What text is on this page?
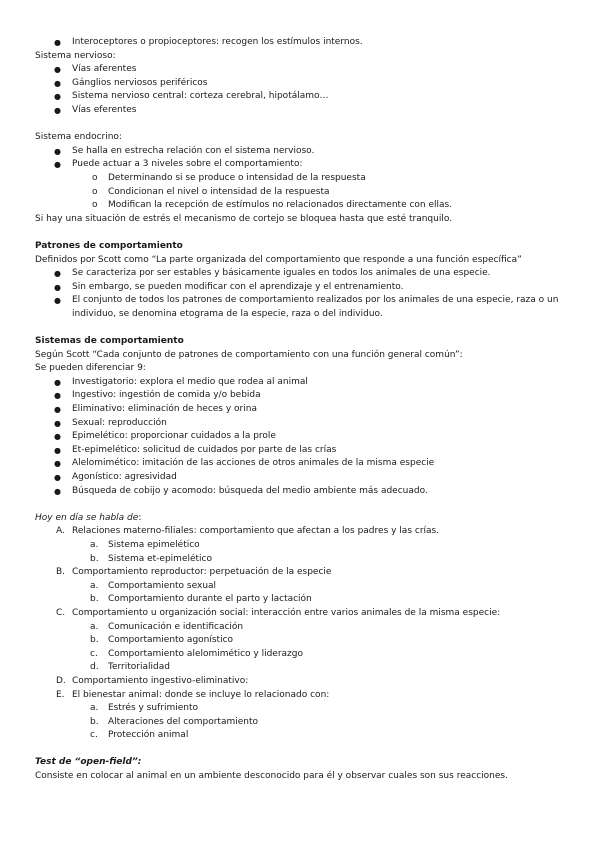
● Interoceptores o propioceptores: recogen los estímulos internos.
Sistema nervioso:
● Vías aferentes
● Gánglios nerviosos periféricos
● Sistema nervioso central: corteza cerebral, hipotálamo…
● Vías eferentes
Sistema endocrino:
● Se halla en estrecha relación con el sistema nervioso.
● Puede actuar a 3 niveles sobre el comportamiento:
o Determinando si se produce o intensidad de la respuesta
o Condicionan el nivel o intensidad de la respuesta
o Modifican la recepción de estímulos no relacionados directamente con ellas.
Si hay una situación de estrés el mecanismo de cortejo se bloquea hasta que esté tranquilo.
Patrones de comportamiento
Definidos por Scott como “La parte organizada del comportamiento que responde a una función específica”
● Se caracteriza por ser estables y básicamente iguales en todos los animales de una especie.
● Sin embargo, se pueden modificar con el aprendizaje y el entrenamiento.
● El conjunto de todos los patrones de comportamiento realizados por los animales de una especie, raza o un individuo, se denomina etograma de la especie, raza o del individuo.
Sistemas de comportamiento
Según Scott “Cada conjunto de patrones de comportamiento con una función general común”:
Se pueden diferenciar 9:
● Investigatorio: explora el medio que rodea al animal
● Ingestivo: ingestión de comida y/o bebida
● Eliminativo: eliminación de heces y orina
● Sexual: reproducción
● Epimelético: proporcionar cuidados a la prole
● Et-epimelético: solicitud de cuidados por parte de las crías
● Alelomimético: imitación de las acciones de otros animales de la misma especie
● Agonístico: agresividad
● Búsqueda de cobijo y acomodo: búsqueda del medio ambiente más adecuado.
Hoy en día se habla de:
A. Relaciones materno-filiales: comportamiento que afectan a los padres y las crías.
a. Sistema epimelético
b. Sistema et-epimelético
B. Comportamiento reproductor: perpetuación de la especie
a. Comportamiento sexual
b. Comportamiento durante el parto y lactación
C. Comportamiento u organización social: interacción entre varios animales de la misma especie:
a. Comunicación e identificación
b. Comportamiento agonístico
c. Comportamiento alelomimético y liderazgo
d. Territorialidad
D. Comportamiento ingestivo-eliminativo:
E. El bienestar animal: donde se incluye lo relacionado con:
a. Estrés y sufrimiento
b. Alteraciones del comportamiento
c. Protección animal
Test de “open-field”:
Consiste en colocar al animal en un ambiente desconocido para él y observar cuales son sus reacciones.
